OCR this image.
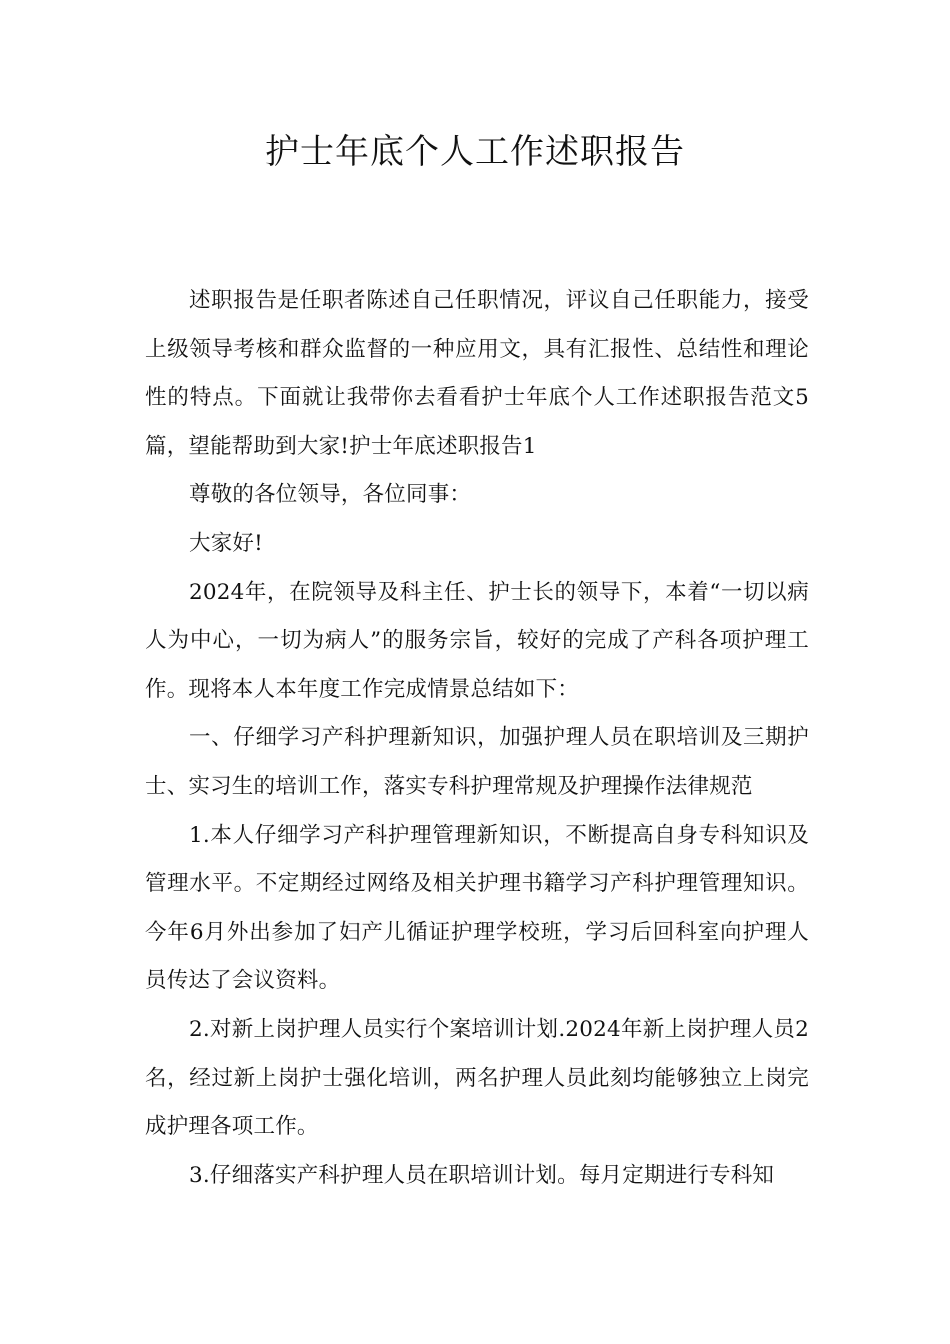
护士年底个人工作述职报告

述职报告是任职者陈述自己任职情况，评议自己任职能力，接受上级领导考核和群众监督的一种应用文，具有汇报性、总结性和理论性的特点。下面就让我带你去看看护士年底个人工作述职报告范文5篇，望能帮助到大家!护士年底述职报告1

尊敬的各位领导，各位同事：

大家好!

2024年，在院领导及科主任、护士长的领导下，本着“一切以病人为中心，一切为病人”的服务宗旨，较好的完成了产科各项护理工作。现将本人本年度工作完成情景总结如下：

一、仔细学习产科护理新知识，加强护理人员在职培训及三期护士、实习生的培训工作，落实专科护理常规及护理操作法律规范

1.本人仔细学习产科护理管理新知识，不断提高自身专科知识及管理水平。不定期经过网络及相关护理书籍学习产科护理管理知识。今年6月外出参加了妇产儿循证护理学校班，学习后回科室向护理人员传达了会议资料。

2.对新上岗护理人员实行个案培训计划.2024年新上岗护理人员2名，经过新上岗护士强化培训，两名护理人员此刻均能够独立上岗完成护理各项工作。

3.仔细落实产科护理人员在职培训计划。每月定期进行专科知
